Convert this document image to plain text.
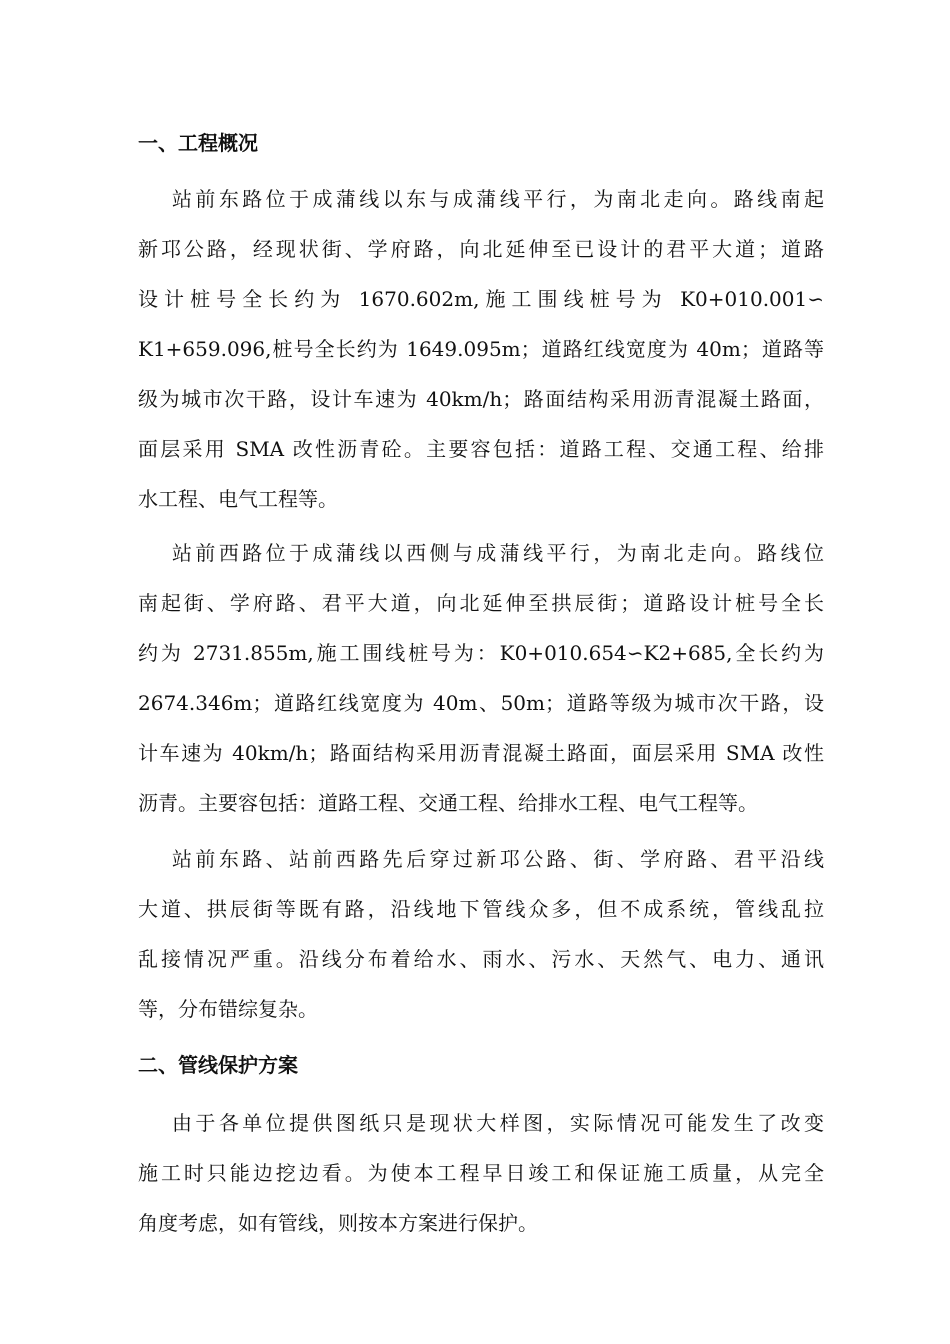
一、工程概况
站前东路位于成蒲线以东与成蒲线平行，为南北走向。路线南起
新邛公路，经现状街、学府路，向北延伸至已设计的君平大道；道路
设计桩号全长约为 1670.602m,施工围线桩号为 K0+010.001∽
K1+659.096,桩号全长约为 1649.095m；道路红线宽度为 40m；道路等
级为城市次干路，设计车速为 40km/h；路面结构采用沥青混凝土路面，
面层采用 SMA 改性沥青砼。主要容包括：道路工程、交通工程、给排
水工程、电气工程等。
站前西路位于成蒲线以西侧与成蒲线平行，为南北走向。路线位
南起街、学府路、君平大道，向北延伸至拱辰街；道路设计桩号全长
约为 2731.855m,施工围线桩号为：K0+010.654∽K2+685,全长约为
2674.346m；道路红线宽度为 40m、50m；道路等级为城市次干路，设
计车速为 40km/h；路面结构采用沥青混凝土路面，面层采用 SMA 改性
沥青。主要容包括：道路工程、交通工程、给排水工程、电气工程等。
站前东路、站前西路先后穿过新邛公路、街、学府路、君平沿线
大道、拱辰街等既有路，沿线地下管线众多，但不成系统，管线乱拉
乱接情况严重。沿线分布着给水、雨水、污水、天然气、电力、通讯
等，分布错综复杂。
二、管线保护方案
由于各单位提供图纸只是现状大样图，实际情况可能发生了改变
施工时只能边挖边看。为使本工程早日竣工和保证施工质量，从完全
角度考虑，如有管线，则按本方案进行保护。
